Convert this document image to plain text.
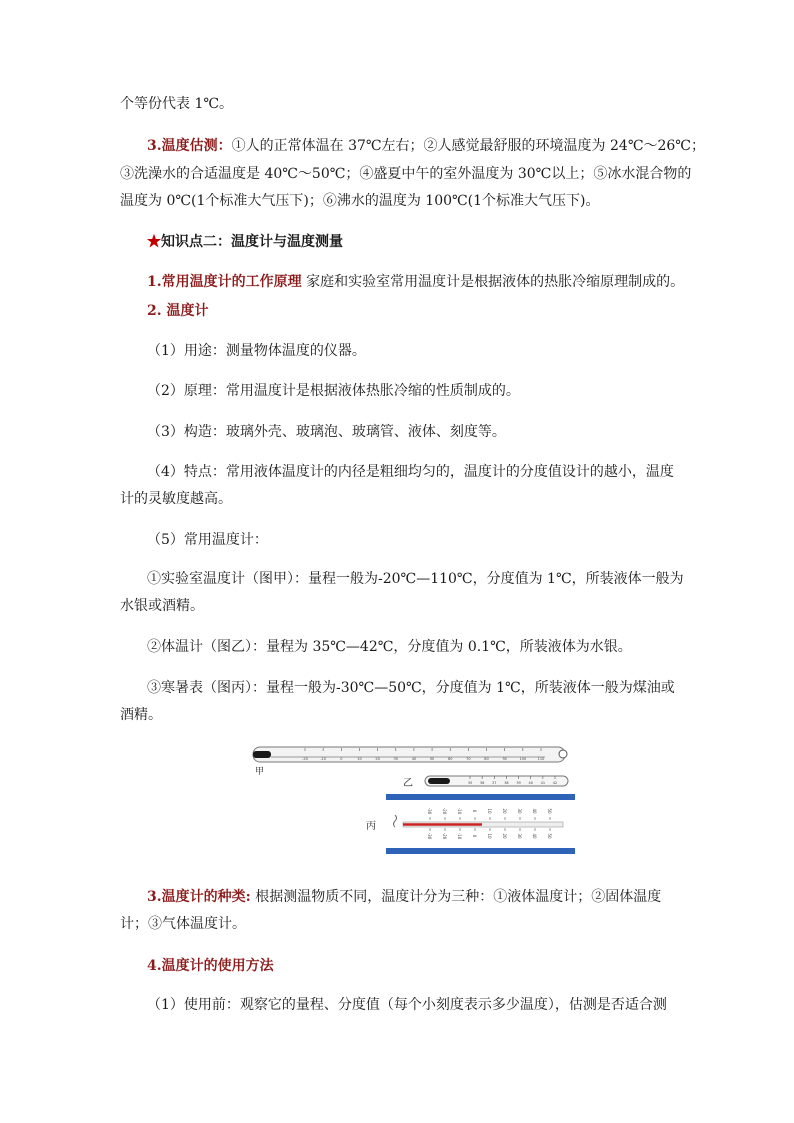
个等份代表 1℃。
3.温度估测：①人的正常体温在 37℃左右；②人感觉最舒服的环境温度为 24℃～26℃；
③洗澡水的合适温度是 40℃～50℃；④盛夏中午的室外温度为 30℃以上；⑤冰水混合物的
温度为 0℃(1个标准大气压下)；⑥沸水的温度为 100℃(1个标准大气压下)。
★知识点二：温度计与温度测量
1.常用温度计的工作原理 家庭和实验室常用温度计是根据液体的热胀冷缩原理制成的。
2. 温度计
（1）用途：测量物体温度的仪器。
（2）原理：常用温度计是根据液体热胀冷缩的性质制成的。
（3）构造：玻璃外壳、玻璃泡、玻璃管、液体、刻度等。
（4）特点：常用液体温度计的内径是粗细均匀的，温度计的分度值设计的越小，温度
计的灵敏度越高。
（5）常用温度计：
①实验室温度计（图甲）：量程一般为-20℃—110℃，分度值为 1℃，所装液体一般为
水银或酒精。
②体温计（图乙）：量程为 35℃—42℃，分度值为 0.1℃，所装液体为水银。
③寒暑表（图丙）：量程一般为-30℃—50℃，分度值为 1℃，所装液体一般为煤油或
酒精。
-20	-10	0	10	20	30	40	50	60	70	80	90	100	110
甲
35 36 37 38 39 40 41 42
乙
-30	-20	-10	0	10	20	30	40	50
-30	-20	-10	0	10	20	30	40	50
丙
3.温度计的种类: 根据测温物质不同，温度计分为三种：①液体温度计；②固体温度
计；③气体温度计。
4.温度计的使用方法
（1）使用前：观察它的量程、分度值（每个小刻度表示多少温度），估测是否适合测
